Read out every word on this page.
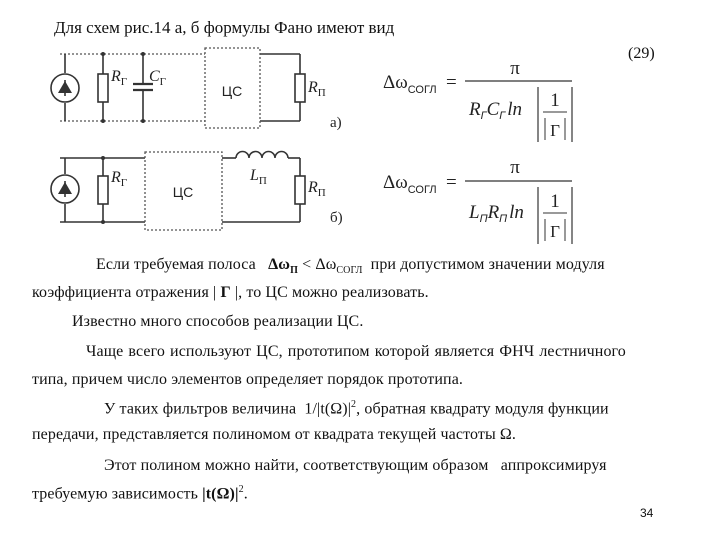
Для схем рис.14 а, б формулы Фано имеют вид
(29)
ЦС
$R_Г$ $C_Г$	$R_П$
а)
ЦС
$R_Г$	$L_П$	$R_П$
б)
$\Delta\omega_{СОГЛ}$ =
π
$R_ГC_Г$ ln 1
Г
$\Delta\omega_{СОГЛ}$ =
π
$L_ПR_П$ ln
1
Г
Если требуемая полоса $\Delta\omega_П < \Delta\omega_{СОГЛ}$ при допустимом значении модуля
коэффициента отражения | Г |, то ЦС можно реализовать.
Известно много способов реализации ЦС.
Чаще всего используют ЦС, прототипом которой является ФНЧ лестничного
типа, причем число элементов определяет порядок прототипа.
У таких фильтров величина $1/|t(\Omega)|^2$, обратная квадрату модуля функции
передачи, представляется полиномом от квадрата текущей частоты Ω.
Этот полином можно найти, соответствующим образом аппроксимируя
требуемую зависимость $|t(\Omega)|^2$.
34
